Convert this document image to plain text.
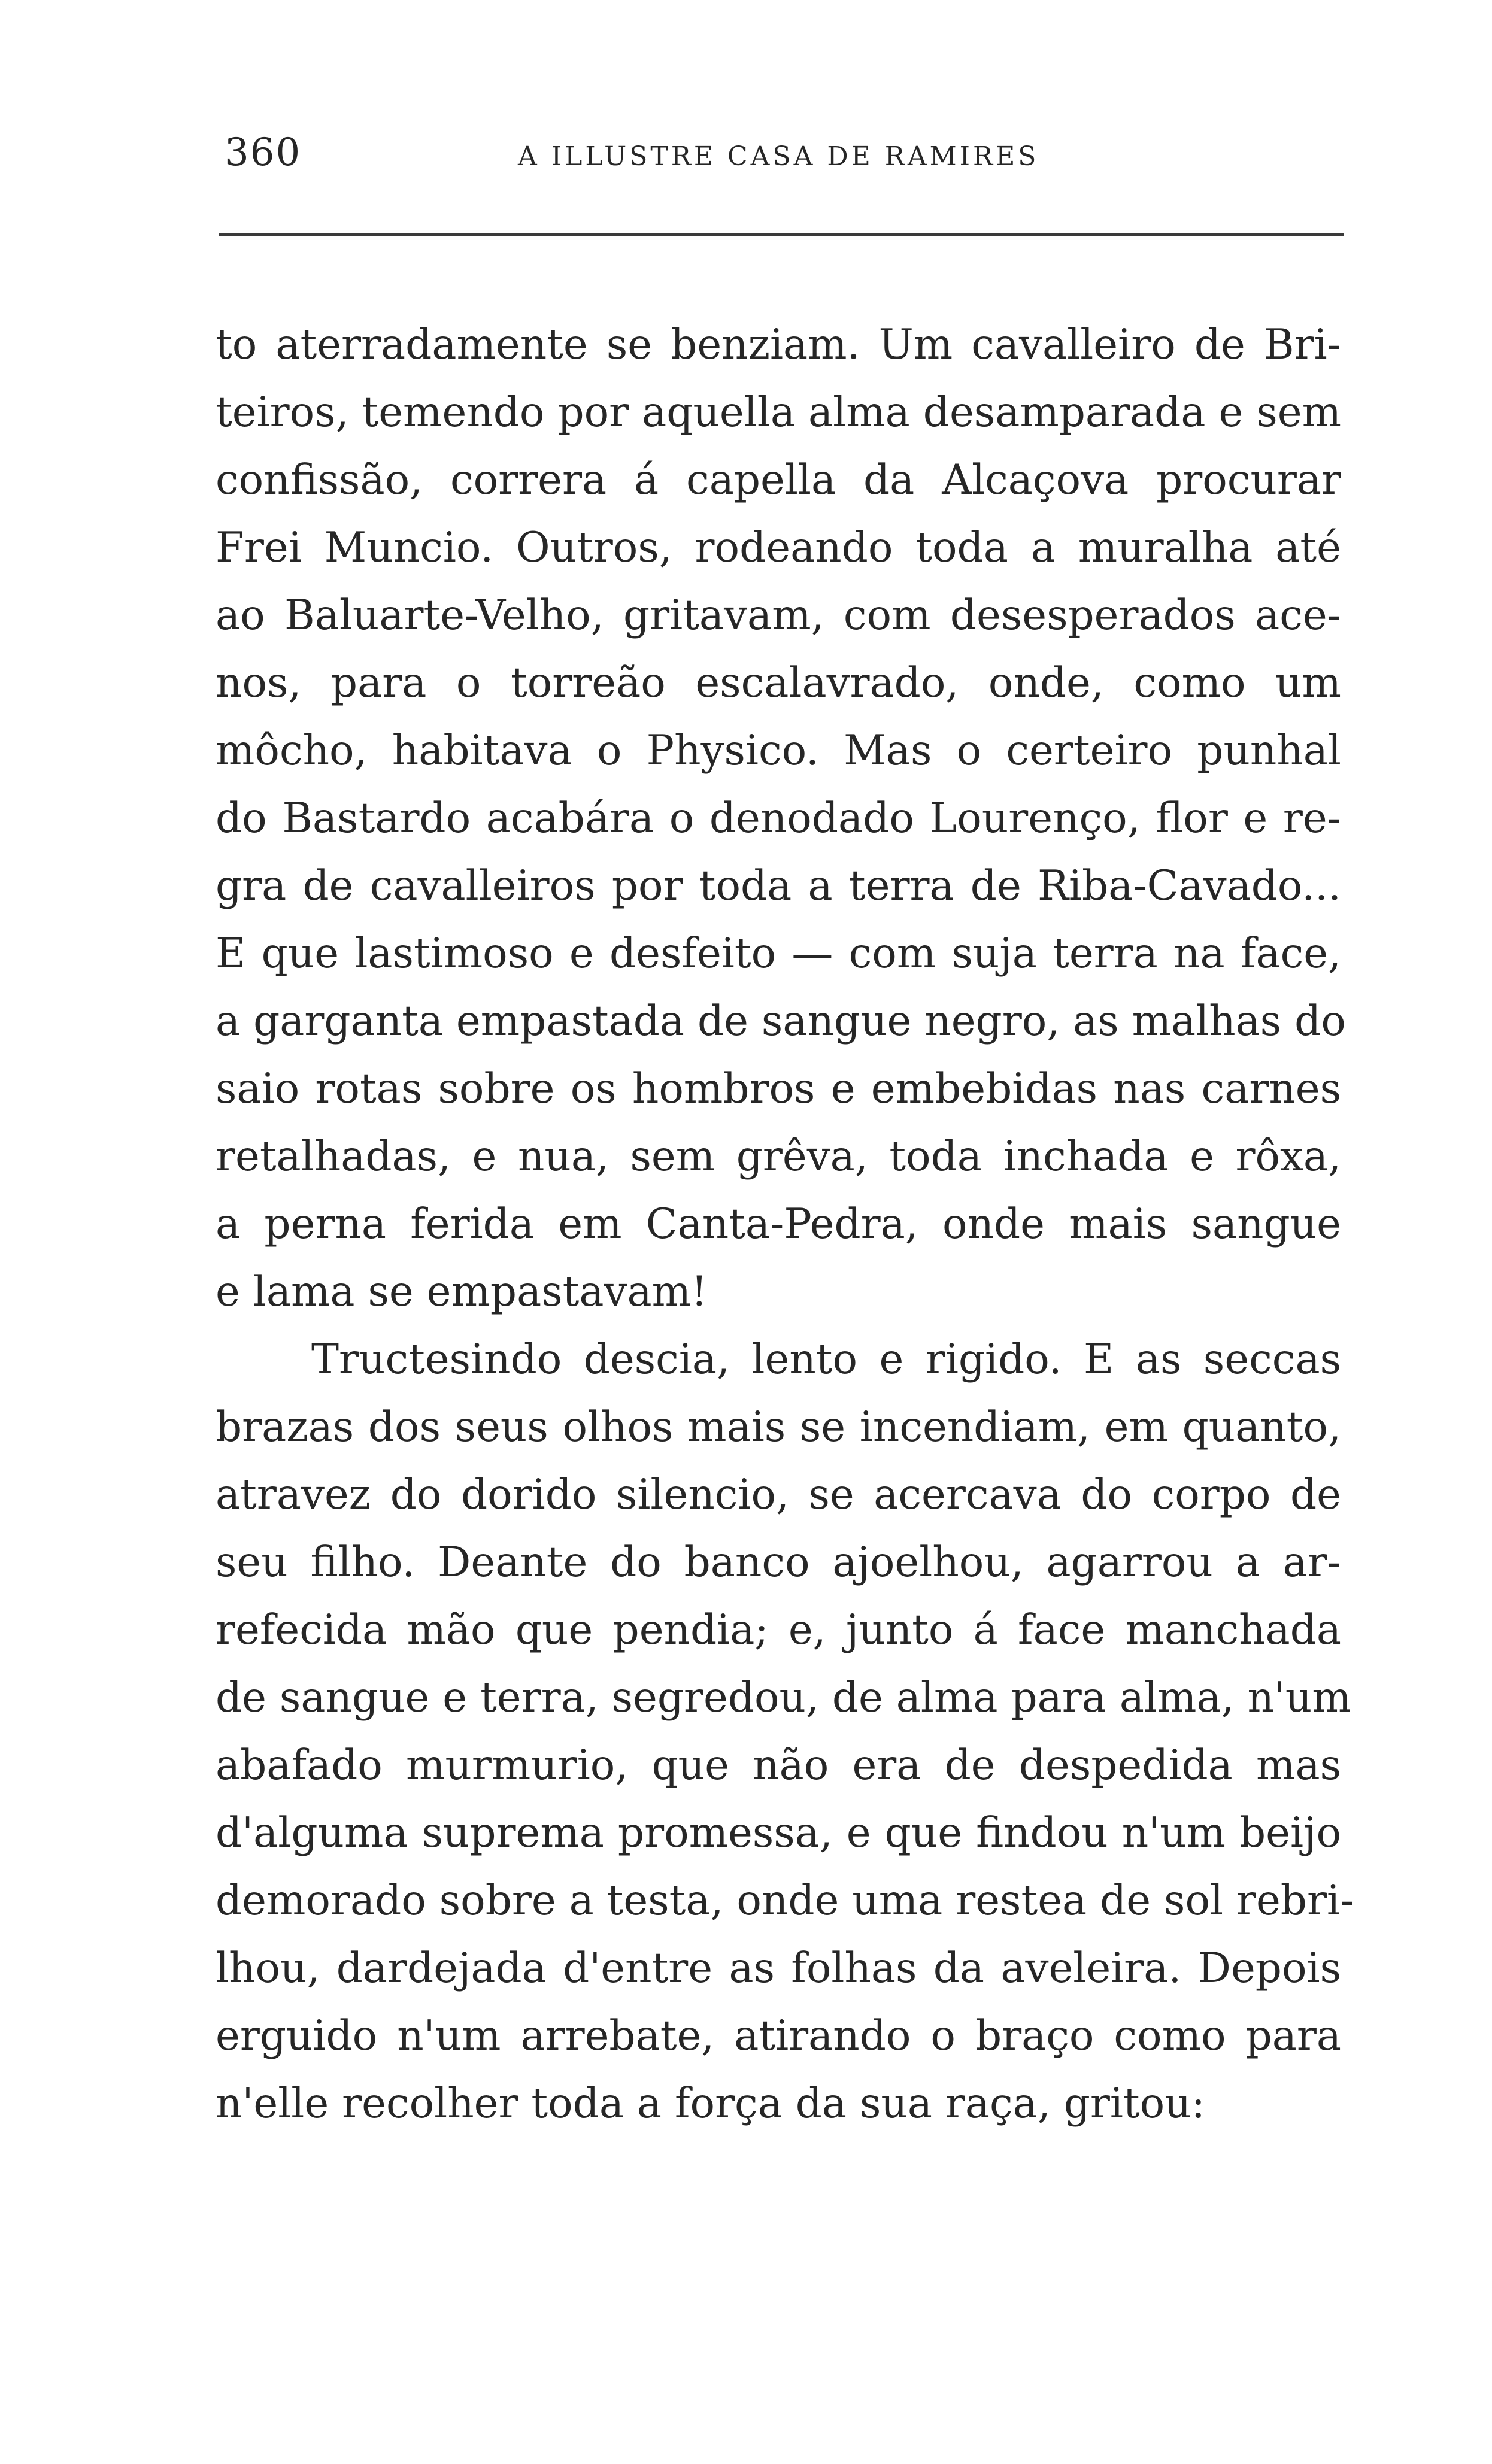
360	A ILLUSTRE CASA DE RAMIRES
to aterradamente se benziam. Um cavalleiro de Bri-
teiros, temendo por aquella alma desamparada e sem
confissão, correra á capella da Alcaçova procurar
Frei Muncio. Outros, rodeando toda a muralha até
ao Baluarte-Velho, gritavam, com desesperados ace-
nos, para o torreão escalavrado, onde, como um
môcho, habitava o Physico. Mas o certeiro punhal
do Bastardo acabára o denodado Lourenço, flor e re-
gra de cavalleiros por toda a terra de Riba-Cavado...
E que lastimoso e desfeito — com suja terra na face,
a garganta empastada de sangue negro, as malhas do
saio rotas sobre os hombros e embebidas nas carnes
retalhadas, e nua, sem grêva, toda inchada e rôxa,
a perna ferida em Canta-Pedra, onde mais sangue
e lama se empastavam!
Tructesindo descia, lento e rigido. E as seccas
brazas dos seus olhos mais se incendiam, em quanto,
atravez do dorido silencio, se acercava do corpo de
seu filho. Deante do banco ajoelhou, agarrou a ar-
refecida mão que pendia; e, junto á face manchada
de sangue e terra, segredou, de alma para alma, n'um
abafado murmurio, que não era de despedida mas
d'alguma suprema promessa, e que findou n'um beijo
demorado sobre a testa, onde uma restea de sol rebri-
lhou, dardejada d'entre as folhas da aveleira. Depois
erguido n'um arrebate, atirando o braço como para
n'elle recolher toda a força da sua raça, gritou:
